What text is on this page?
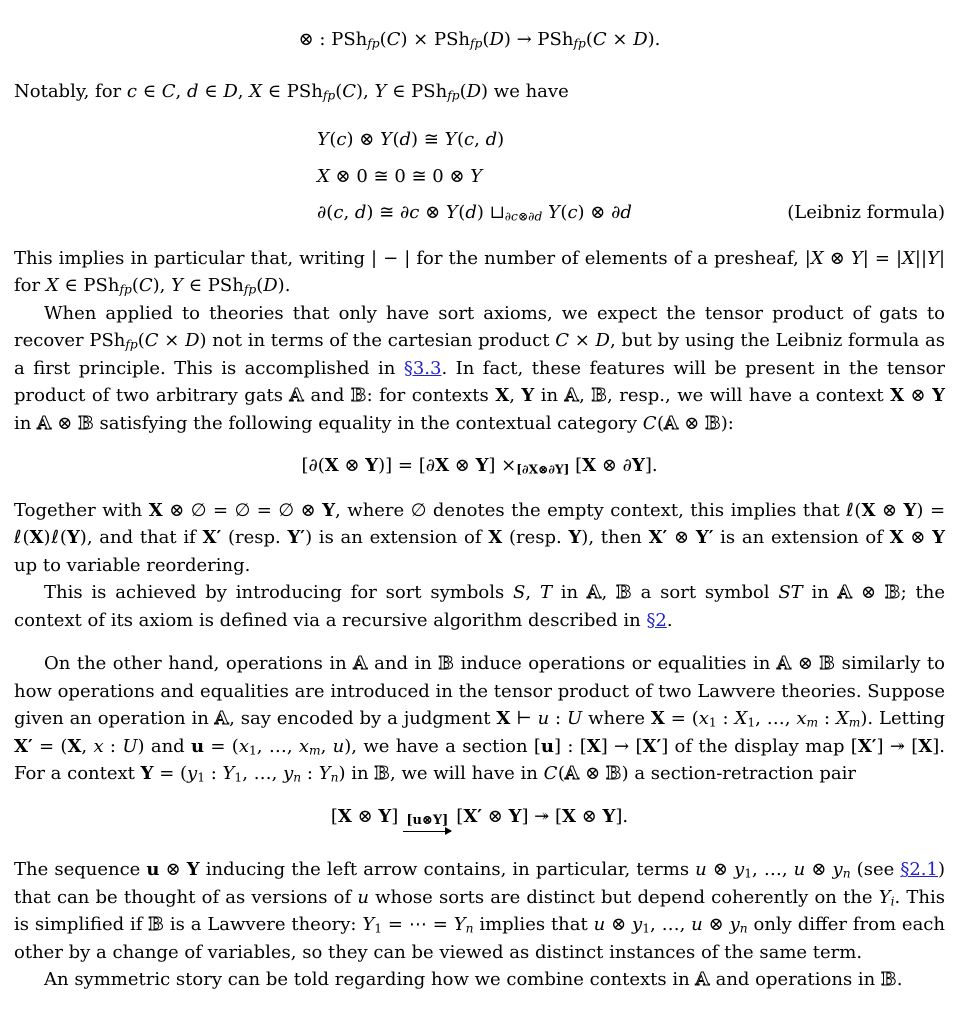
⊗ : PShfp(C) × PShfp(D) → PShfp(C × D).

Notably, for c ∈ C, d ∈ D, X ∈ PShfp(C), Y ∈ PShfp(D) we have

Y(c) ⊗ Y(d) ≅ Y(c, d)
X ⊗ 0 ≅ 0 ≅ 0 ⊗ Y
∂(c, d) ≅ ∂c ⊗ Y(d) ⊔∂c⊗∂d Y(c) ⊗ ∂d	(Leibniz formula)

This implies in particular that, writing | − | for the number of elements of a presheaf, |X ⊗ Y| = |X||Y| for X ∈ PShfp(C), Y ∈ PShfp(D).

When applied to theories that only have sort axioms, we expect the tensor product of gats to recover PShfp(C × D) not in terms of the cartesian product C × D, but by using the Leibniz formula as a first principle. This is accomplished in §3.3. In fact, these features will be present in the tensor product of two arbitrary gats A and B: for contexts X, Y in A, B, resp., we will have a context X ⊗ Y in A ⊗ B satisfying the following equality in the contextual category C(A ⊗ B):

[∂(X ⊗ Y)] = [∂X ⊗ Y] ×[∂X⊗∂Y] [X ⊗ ∂Y].

Together with X ⊗ ∅ = ∅ = ∅ ⊗ Y, where ∅ denotes the empty context, this implies that ℓ(X ⊗ Y) = ℓ(X)ℓ(Y), and that if X′ (resp. Y′) is an extension of X (resp. Y), then X′ ⊗ Y′ is an extension of X ⊗ Y up to variable reordering.

This is achieved by introducing for sort symbols S, T in A, B a sort symbol ST in A ⊗ B; the context of its axiom is defined via a recursive algorithm described in §2.

On the other hand, operations in A and in B induce operations or equalities in A ⊗ B similarly to how operations and equalities are introduced in the tensor product of two Lawvere theories. Suppose given an operation in A, say encoded by a judgment X ⊢ u : U where X = (x1 : X1, …, xm : Xm). Letting X′ = (X, x : U) and u = (x1, …, xm, u), we have a section [u] : [X] → [X′] of the display map [X′] ↠ [X]. For a context Y = (y1 : Y1, …, yn : Yn) in B, we will have in C(A ⊗ B) a section-retraction pair

[X ⊗ Y] [u⊗Y] [X′ ⊗ Y] ↠ [X ⊗ Y].

The sequence u ⊗ Y inducing the left arrow contains, in particular, terms u ⊗ y1, …, u ⊗ yn (see §2.1) that can be thought of as versions of u whose sorts are distinct but depend coherently on the Yi. This is simplified if B is a Lawvere theory: Y1 = ⋯ = Yn implies that u ⊗ y1, …, u ⊗ yn only differ from each other by a change of variables, so they can be viewed as distinct instances of the same term.

An symmetric story can be told regarding how we combine contexts in A and operations in B.
